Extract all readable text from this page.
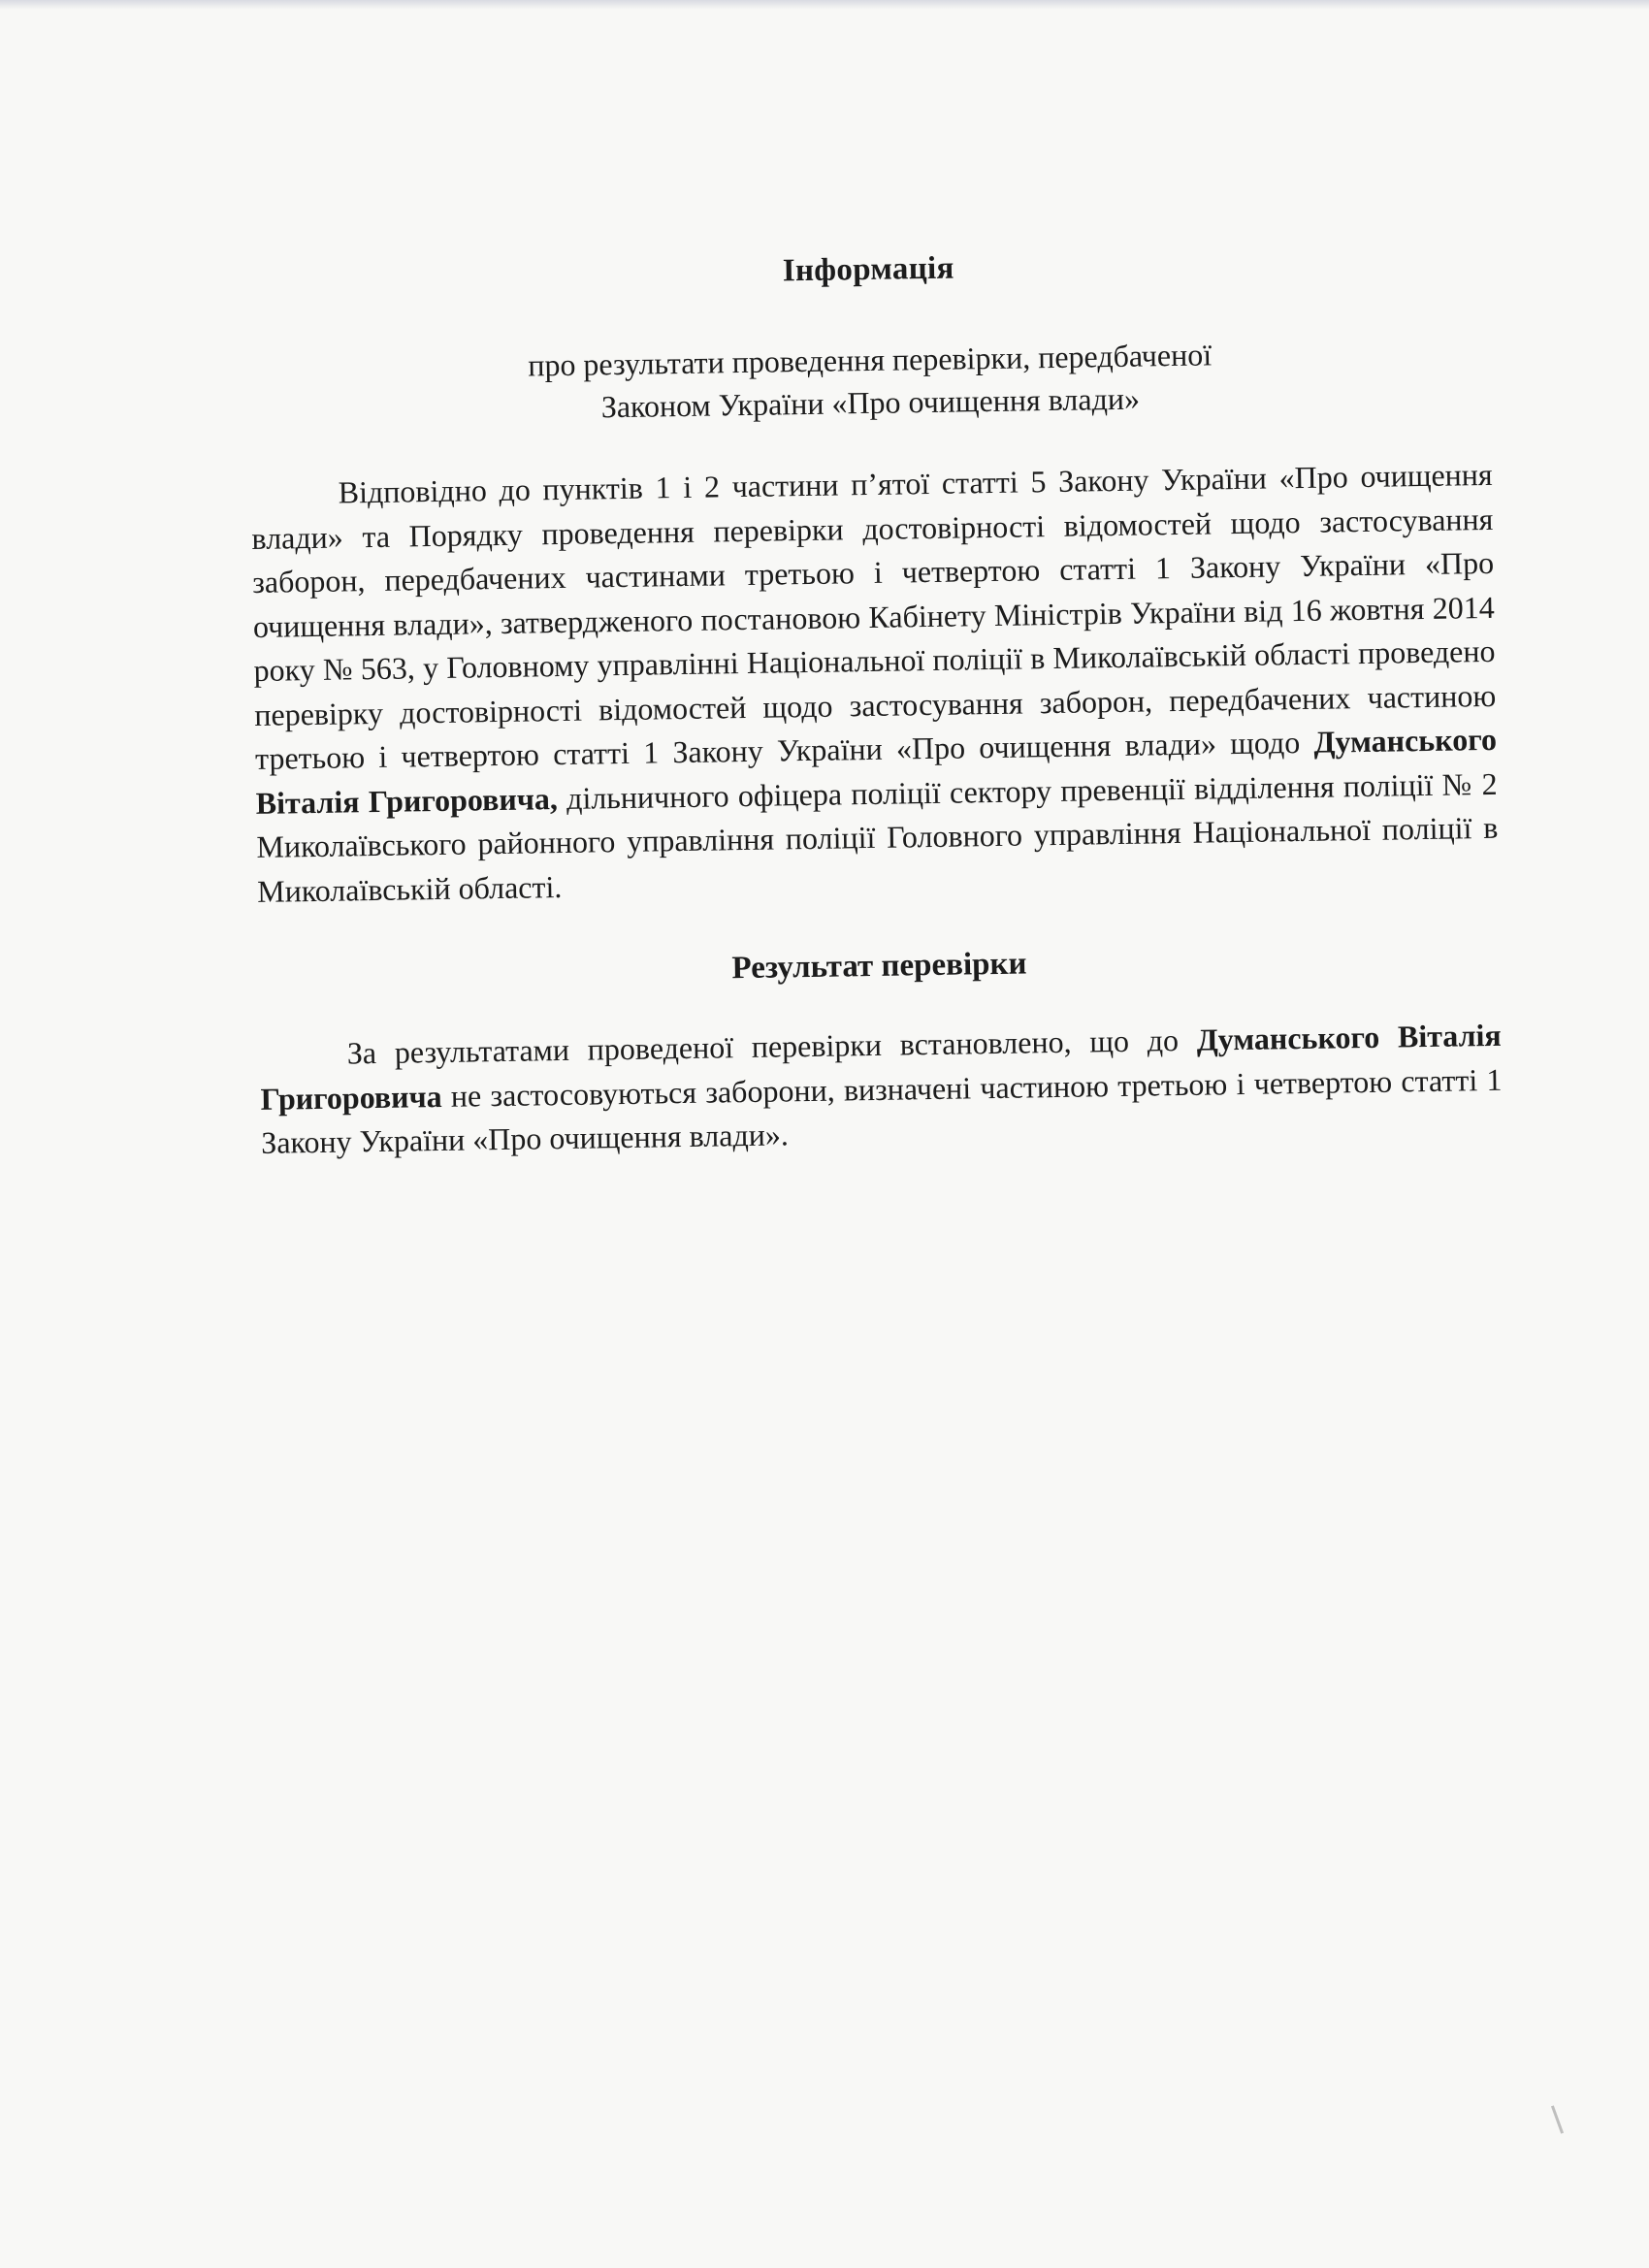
Інформація
про результати проведення перевірки, передбаченої
Законом України «Про очищення влади»

Відповідно до пунктів 1 і 2 частини п’ятої статті 5 Закону України «Про очищення влади» та Порядку проведення перевірки достовірності відомостей щодо застосування заборон, передбачених частинами третьою і четвертою статті 1 Закону України «Про очищення влади», затвердженого постановою Кабінету Міністрів України від 16 жовтня 2014 року № 563, у Головному управлінні Національної поліції в Миколаївській області проведено перевірку достовірності відомостей щодо застосування заборон, передбачених частиною третьою і четвертою статті 1 Закону України «Про очищення влади» щодо Думанського Віталія Григоровича, дільничного офіцера поліції сектору превенції відділення поліції № 2 Миколаївського районного управління поліції Головного управління Національної поліції в Миколаївській області.

Результат перевірки

За результатами проведеної перевірки встановлено, що до Думанського Віталія Григоровича не застосовуються заборони, визначені частиною третьою і четвертою статті 1 Закону України «Про очищення влади».
